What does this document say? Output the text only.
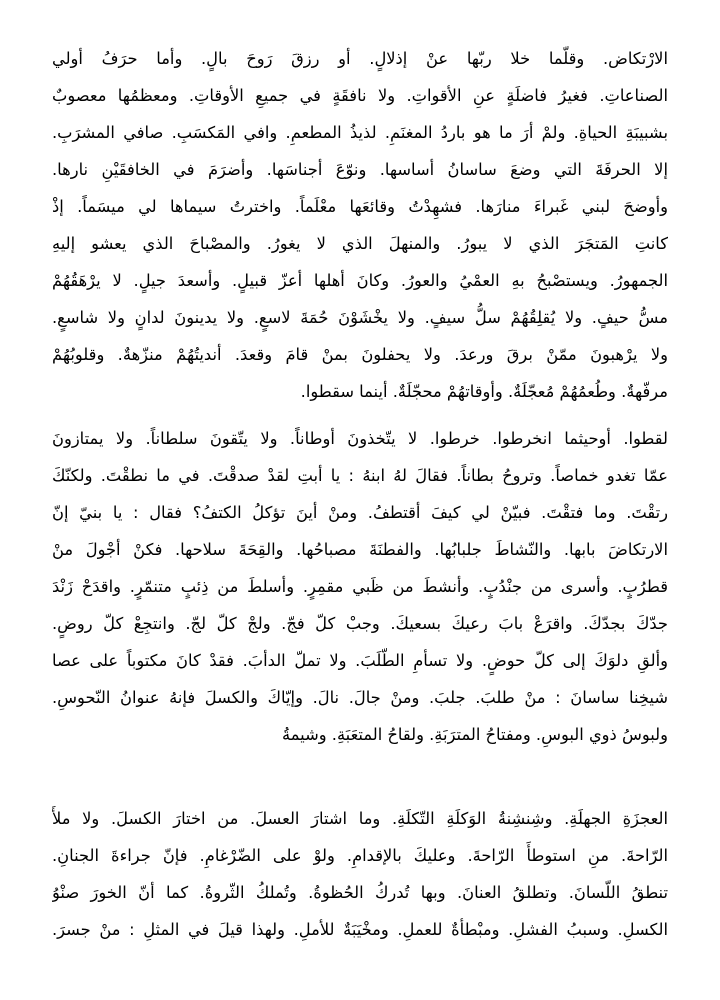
الارْتكاض. وقلّما خلا ربّها عنْ إذلالٍ. أو رزقَ رَوحَ بالٍ. وأما حرَفُ أولي
الصناعاتِ. فغيرُ فاضلَةٍ عنِ الأقواتِ. ولا نافقَةٍ في جميعِ الأوقاتِ. ومعظمُها معصوبٌ
بشبيبَةِ الحياةِ. ولمْ أرَ ما هو باردُ المغنَمِ. لذيذُ المطعمِ. وافي المَكسَبِ. صافي المشرَبِ.
إلا الحرفَةَ التي وضعَ ساسانُ أساسها. ونوّعَ أجناسَها. وأضرَمَ في الخافقَيْنِ نارها.
وأوضحَ لبني غَبراءَ منارَها. فشهِدْتُ وقائعَها معْلَماً. واخترتُ سيماها لي ميسَماً. إذْ
كانتِ المَتجَرَ الذي لا يبورُ. والمنهلَ الذي لا يغورُ. والمصْباحَ الذي يعشو إليهِ
الجمهورُ. ويستصْبحُ بهِ العمْيُ والعورُ. وكانَ أهلها أعزّ قبيلٍ. وأسعدَ جيلٍ. لا يرْهَقُهُمْ
مسُّ حيفٍ. ولا يُقلِقُهُمْ سلُّ سيفٍ. ولا يخْشَوْنَ حُمَةَ لاسعٍ. ولا يدينونَ لدانٍ ولا شاسعٍ.
ولا يرْهبونَ ممّنْ برقَ ورعدَ. ولا يحفلونَ بمنْ قامَ وقعدَ. أنديتُهُمْ منزّهةٌ. وقلوبُهُمْ
مرفّهةٌ. وطُعمُهُمْ مُعجّلَةٌ. وأوقاتهُمْ محجّلَةٌ. أينما سقطوا.
لقطوا. أوحيثما انخرطوا. خرطوا. لا يتّخذونَ أوطاناً. ولا يتّقونَ سلطاناً. ولا يمتازونَ
عمّا تغدو خماصاً. وتروحُ بطاناً. فقالَ لهُ ابنهُ : يا أبتِ لقدْ صدقْتَ. في ما نطقْتَ. ولكنّكَ
رتقْتَ. وما فتقْتَ. فبيّنْ لي كيفَ أقتطفُ. ومنْ أينَ تؤكلُ الكتفُ؟ فقال : يا بنيّ إنّ
الارتكاضَ بابها. والنّشاطَ جلبابُها. والفطنَةَ مصباحُها. والقِحَةَ سلاحها. فكنْ أجْولَ منْ
قطرُبٍ. وأسرى من جنْدُبٍ. وأنشطَ من ظَبي مقمِرٍ. وأسلطَ من ذِئبٍ متنمّرٍ. واقدَحْ زَنْدَ
جدّكَ بجدّكَ. واقرَعْ بابَ رعيكَ بسعيكَ. وجبْ كلّ فجّ. ولجْ كلّ لجّ. وانتجِعْ كلّ روضٍ.
وألقِ دلوَكَ إلى كلّ حوضٍ. ولا تسأمِ الطّلَبَ. ولا تملّ الدأبَ. فقدْ كانَ مكتوباً على عصا
شيخِنا ساسانَ : منْ طلبَ. جلبَ. ومنْ جالَ. نالَ. وإيّاكَ والكسلَ فإنهُ عنوانُ النّحوسِ.
ولبوسُ ذوي البوسِ. ومفتاحُ المترَبَةِ. ولقاحُ المتعَبَةِ. وشيمةُ
العجزَةِ الجهلَةِ. وشِنشِنةُ الوَكلَةِ التّكلَةِ. وما اشتارَ العسلَ. من اختارَ الكسلَ. ولا ملأَ
الرّاحةَ. منِ استوطأَ الرّاحةَ. وعليكَ بالإقدامِ. ولوْ على الضّرْغامِ. فإنّ جراءةَ الجنانِ.
تنطقُ اللّسانَ. وتطلقُ العنانَ. وبها تُدركُ الحُظوةُ. وتُملكُ الثّروةُ. كما أنّ الخورَ صنْوُ
الكسلِ. وسببُ الفشلِ. ومبْطأةٌ للعملِ. ومخْيَبَةٌ للأملِ. ولهذا قيلَ في المثلِ : منْ جسرَ.
